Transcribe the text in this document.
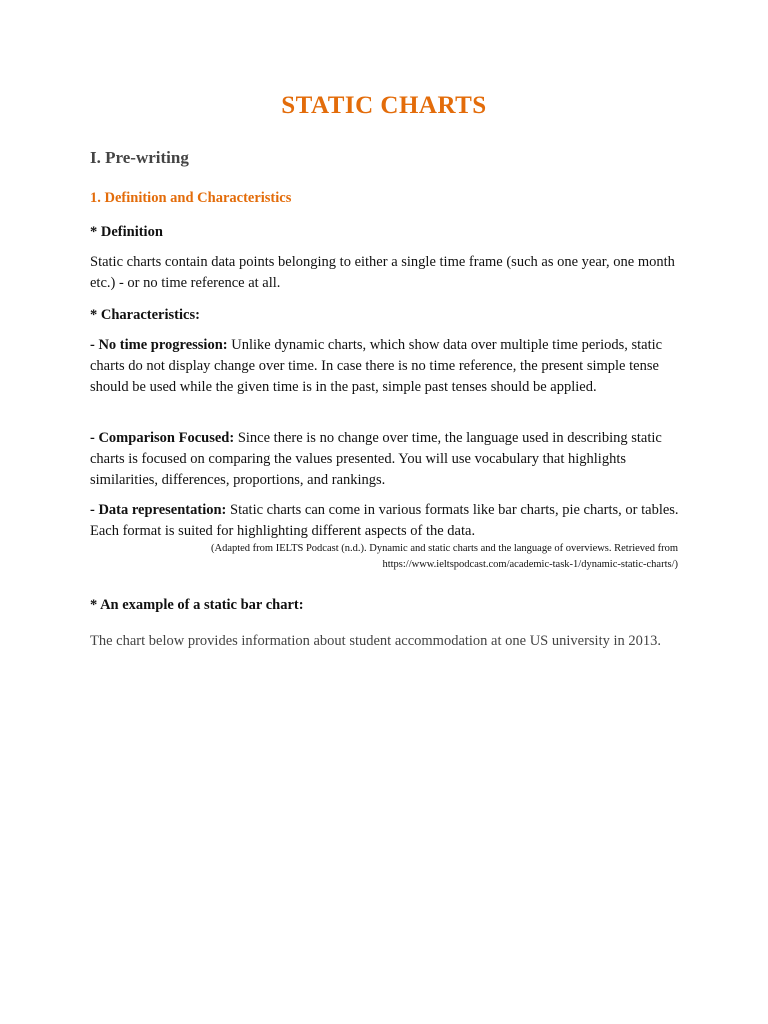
STATIC CHARTS
I. Pre-writing
1. Definition and Characteristics

* Definition

Static charts contain data points belonging to either a single time frame (such as one year, one month etc.) - or no time reference at all.

* Characteristics:

- No time progression: Unlike dynamic charts, which show data over multiple time periods, static charts do not display change over time. In case there is no time reference, the present simple tense should be used while the given time is in the past, simple past tenses should be applied.

- Comparison Focused: Since there is no change over time, the language used in describing static charts is focused on comparing the values presented. You will use vocabulary that highlights similarities, differences, proportions, and rankings.

- Data representation: Static charts can come in various formats like bar charts, pie charts, or tables. Each format is suited for highlighting different aspects of the data.

(Adapted from IELTS Podcast (n.d.). Dynamic and static charts and the language of overviews. Retrieved from
https://www.ieltspodcast.com/academic-task-1/dynamic-static-charts/)

* An example of a static bar chart:

The chart below provides information about student accommodation at one US university in 2013.
